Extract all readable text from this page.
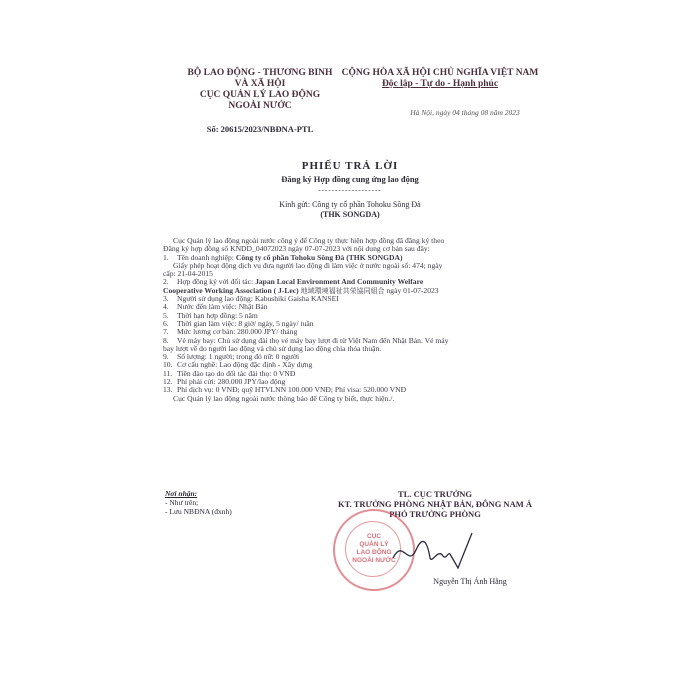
BỘ LAO ĐỘNG - THƯƠNG BINH
VÀ XÃ HỘI
CỤC QUẢN LÝ LAO ĐỘNG
NGOÀI NƯỚC
Số: 20615/2023/NBĐNA-PTL
CỘNG HÒA XÃ HỘI CHỦ NGHĨA VIỆT NAM
Độc lập - Tự do - Hạnh phúc
Hà Nội, ngày 04 tháng 08 năm 2023
PHIẾU TRẢ LỜI
Đăng ký Hợp đồng cung ứng lao động
-------------------
Kính gửi: Công ty cổ phần Tohoku Sông Đà
(THK SONGDA)
Cục Quản lý lao động ngoài nước công ý để Công ty thực hiện hợp đồng đã đăng ký theo
Đăng ký hợp đồng số KNDD_04072023 ngày 07-07-2023 với nội dung cơ bản sau đây:
1. Tên doanh nghiệp: Công ty cổ phần Tohoku Sông Đà (THK SONGDA)
Giấy phép hoạt động dịch vụ đưa người lao động đi làm việc ở nước ngoài số: 474; ngày
cấp: 21-04-2015
2. Hợp đồng ký với đối tác: Japan Local Environment And Community Welfare
Cooperative Working Association ( J-Lec) 地域環境福祉共栄協同組合 ngày 01-07-2023
3. Người sử dụng lao động: Kabushiki Gaisha KANSEI
4. Nước đến làm việc: Nhật Bản
5. Thời hạn hợp đồng: 5 năm
6. Thời gian làm việc: 8 giờ/ ngày, 5 ngày/ tuần
7. Mức lương cơ bản: 280.000 JPY/ tháng
8. Vé máy bay: Chủ sử dụng đài thọ vé máy bay lượt đi từ Việt Nam đến Nhật Bản. Vé máy
bay lượt về do người lao động và chủ sử dụng lao động chia thỏa thuận.
9. Số lượng: 1 người; trong đó nữ: 0 người
10. Cơ cấu nghề: Lao động đặc định - Xây dựng
11. Tiền đào tạo do đối tác đài thọ: 0 VNĐ
12. Phí phải cửi: 280.000 JPY/lao động
13. Phí dịch vụ: 0 VNĐ; quỹ HTVLNN 100.000 VNĐ; Phí visa: 520.000 VNĐ
Cục Quản lý lao động ngoài nước thông báo để Công ty biết, thực hiện./.
Nơi nhận:
- Như trên;
- Lưu NBĐNA (đxnh)
TL. CỤC TRƯỞNG
KT. TRƯỞNG PHÒNG NHẬT BẢN, ĐÔNG NAM Á
PHÓ TRƯỞNG PHÒNG
CỤC
QUẢN LÝ
LAO ĐỘNG
NGOÀI NƯỚC
Nguyễn Thị Ánh Hằng
